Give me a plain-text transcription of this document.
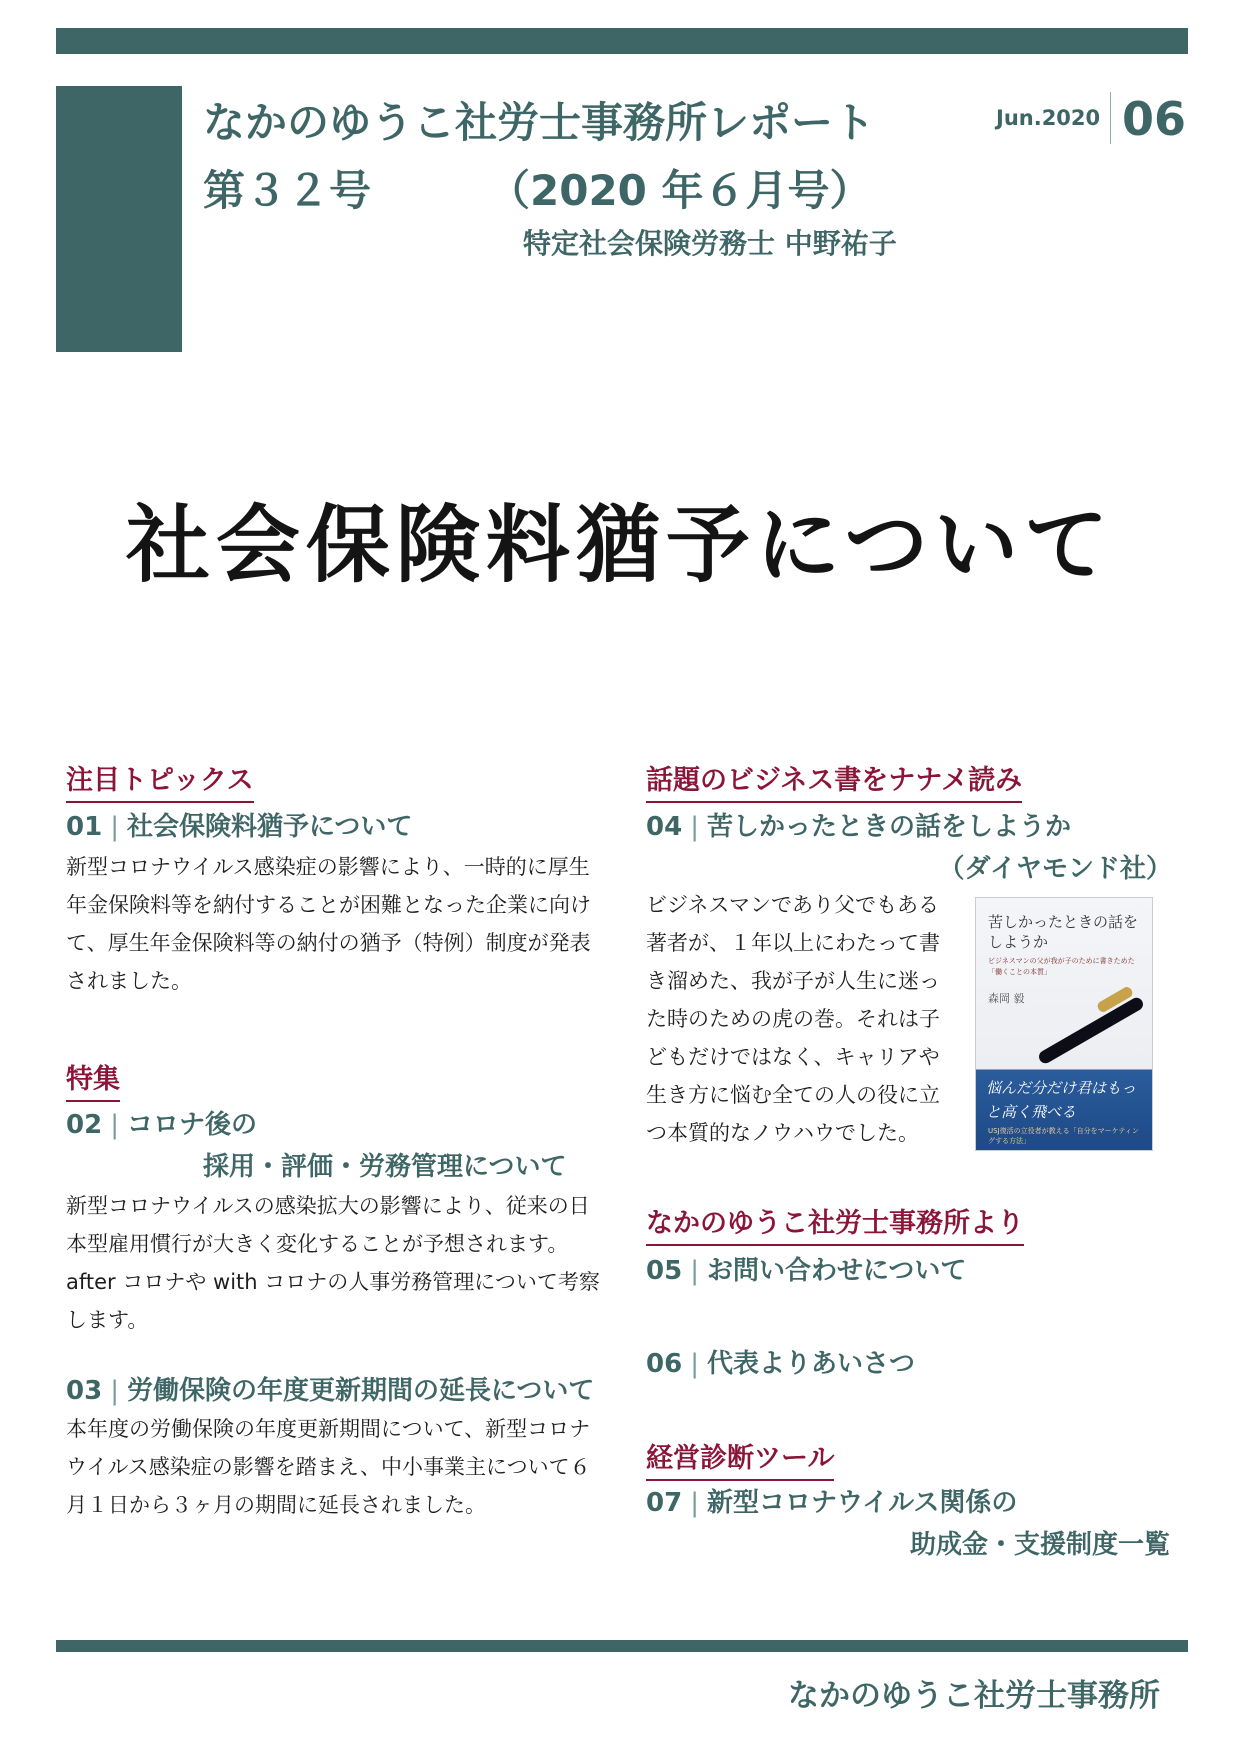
なかのゆうこ社労士事務所レポート
第３２号	（2020 年６月号）
特定社会保険労務士 中野祐子
Jun.2020 06
社会保険料猶予について
注目トピックス
01 | 社会保険料猶予について
新型コロナウイルス感染症の影響により、一時的に厚生年金保険料等を納付することが困難となった企業に向けて、厚生年金保険料等の納付の猶予（特例）制度が発表されました。
特集
02 | コロナ後の
採用・評価・労務管理について
新型コロナウイルスの感染拡大の影響により、従来の日本型雇用慣行が大きく変化することが予想されます。after コロナや with コロナの人事労務管理について考察します。
03 | 労働保険の年度更新期間の延長について
本年度の労働保険の年度更新期間について、新型コロナウイルス感染症の影響を踏まえ、中小事業主について６月１日から３ヶ月の期間に延長されました。
話題のビジネス書をナナメ読み
04 | 苦しかったときの話をしようか
（ダイヤモンド社）
ビジネスマンであり父でもある著者が、１年以上にわたって書き溜めた、我が子が人生に迷った時のための虎の巻。それは子どもだけではなく、キャリアや生き方に悩む全ての人の役に立つ本質的なノウハウでした。
苦しかったときの話をしようか
ビジネスマンの父が我が子のために書きためた「働くことの本質」
森岡 毅
悩んだ分だけ君はもっと高く飛べる
USJ復活の立役者が教える「自分をマーケティングする方法」
なかのゆうこ社労士事務所より
05 | お問い合わせについて
06 | 代表よりあいさつ
経営診断ツール
07 | 新型コロナウイルス関係の
助成金・支援制度一覧
なかのゆうこ社労士事務所
